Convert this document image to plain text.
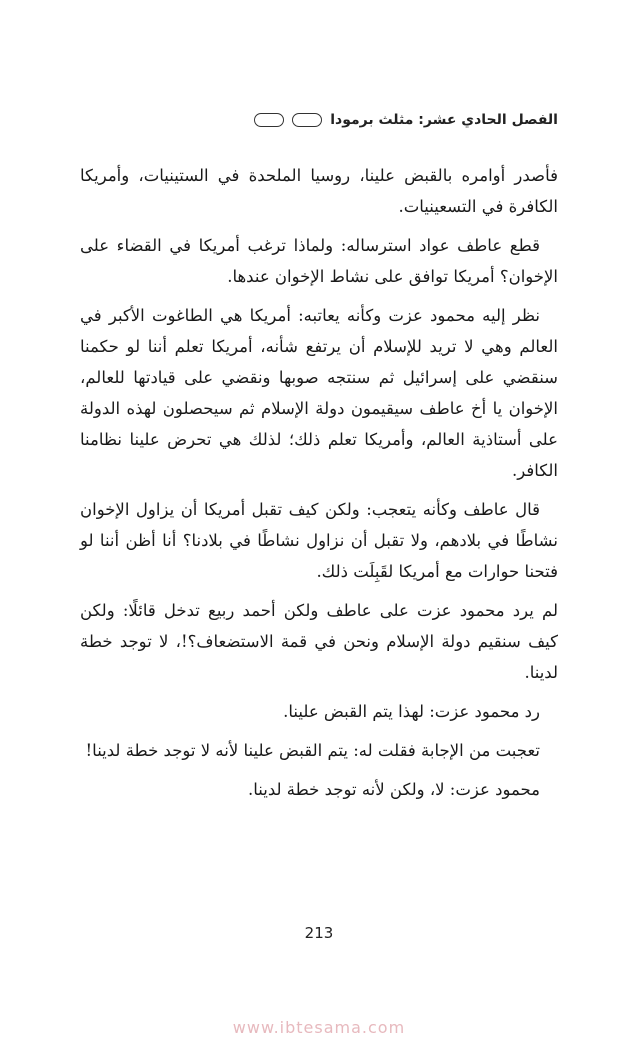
الفصل الحادي عشر: مثلث برمودا

فأصدر أوامره بالقبض علينا، روسيا الملحدة في الستينيات، وأمريكا الكافرة في التسعينيات.

قطع عاطف عواد استرساله: ولماذا ترغب أمريكا في القضاء على الإخوان؟ أمريكا توافق على نشاط الإخوان عندها.

نظر إليه محمود عزت وكأنه يعاتبه: أمريكا هي الطاغوت الأكبر في العالم وهي لا تريد للإسلام أن يرتفع شأنه، أمريكا تعلم أننا لو حكمنا سنقضي على إسرائيل ثم سنتجه صوبها ونقضي على قيادتها للعالم، الإخوان يا أخ عاطف سيقيمون دولة الإسلام ثم سيحصلون لهذه الدولة على أستاذية العالم، وأمريكا تعلم ذلك؛ لذلك هي تحرض علينا نظامنا الكافر.

قال عاطف وكأنه يتعجب: ولكن كيف تقبل أمريكا أن يزاول الإخوان نشاطًا في بلادهم، ولا تقبل أن نزاول نشاطًا في بلادنا؟ أنا أظن أننا لو فتحنا حوارات مع أمريكا لقَبِلَت ذلك.

لم يرد محمود عزت على عاطف ولكن أحمد ربيع تدخل قائلًا: ولكن كيف سنقيم دولة الإسلام ونحن في قمة الاستضعاف؟!، لا توجد خطة لدينا.

رد محمود عزت: لهذا يتم القبض علينا.

تعجبت من الإجابة فقلت له: يتم القبض علينا لأنه لا توجد خطة لدينا!

محمود عزت: لا، ولكن لأنه توجد خطة لدينا.

213
www.ibtesama.com
